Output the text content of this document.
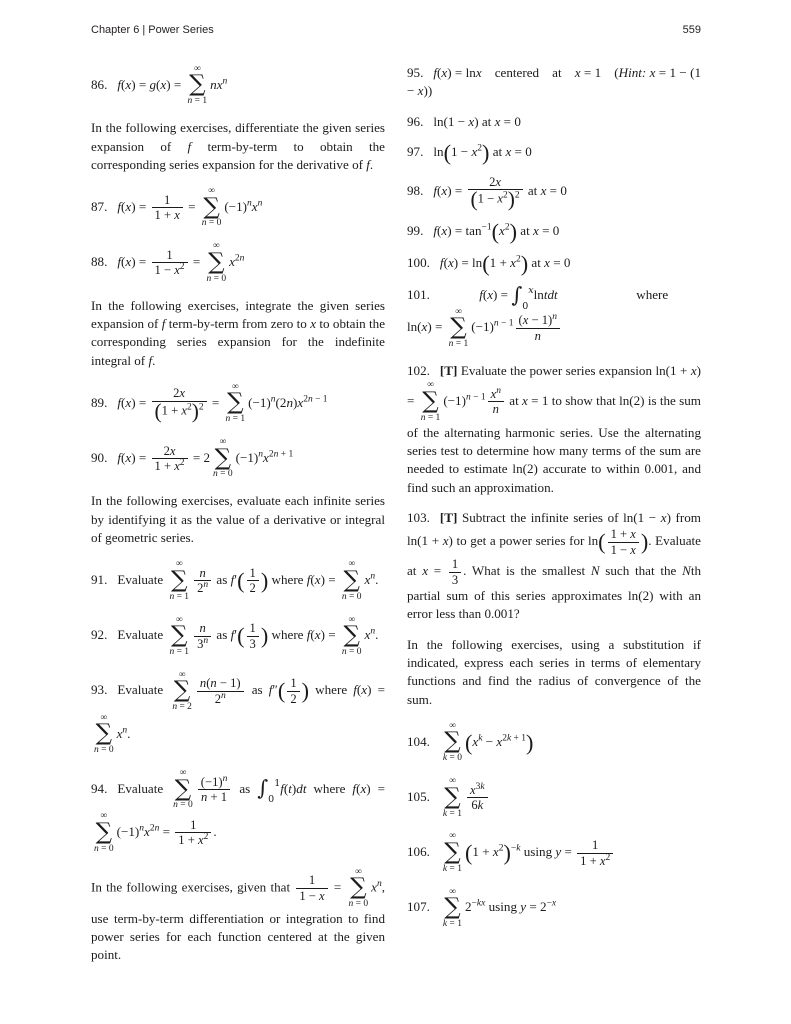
Chapter 6 | Power Series	559

86. f(x) = g(x) =
∞
∑
n = 1
$nx^n$

In the following exercises, differentiate the given series expansion of f term-by-term to obtain the corresponding series expansion for the derivative of f.

87. $f(x) = \frac{1}{1 + x}$ =
∞
∑
n = 0
$(-1)^nx^n$

88. $f(x) = \frac{1}{1 - x^2}$ =
∞
∑
n = 0
$x^{2n}$

In the following exercises, integrate the given series expansion of f term-by-term from zero to x to obtain the corresponding series expansion for the indefinite integral of f.

89. $f(x) = \frac{2x}{(1 + x^2)^2}$ =
∞
∑
n = 1
$(-1)^n(2n)x^{2n - 1}$

90. $f(x) = \frac{2x}{1 + x^2} = 2$
∞
∑
n = 0
$(-1)^nx^{2n + 1}$

In the following exercises, evaluate each infinite series by identifying it as the value of a derivative or integral of geometric series.

91. Evaluate
∞
∑
n = 1
$\frac{n}{2^n}$ as $f'( \frac{1}{2}$ ) where f(x) =
∞
∑
n = 0
$x^n$.

92. Evaluate
∞
∑
n = 1
$\frac{n}{3^n}$ as $f'( \frac{1}{3}$ ) where f(x) =
∞
∑
n = 0
$x^n$.

93. Evaluate
∞
∑
n = 2
$\frac{n(n - 1)}{2^n}$ as $f''( \frac{1}{2}$ ) where f(x) =
∞
∑
n = 0
$x^n$.

94. Evaluate
∞
∑
n = 0
$\frac{(-1)^n}{n + 1}$ as $\int_0^1f(t)dt$ where f(x) =
∞
∑
n = 0
$(-1)^nx^{2n} = \frac{1}{1 + x^2}$ .

In the following exercises, given that $\frac{1}{1 - x}$ =
∞
∑
n = 0
$x^n$, use term-by-term differentiation or integration to find power series for each function centered at the given point.

95. f(x) = lnx centered at x = 1 (Hint: x = 1 − (1 − x))

96. ln(1 − x) at x = 0

97. $\ln(1 - x^2)$ at x = 0

98. $f(x) = \frac{2x}{(1 - x^2)^2}$ at x = 0

99. $f(x) = \tan^{-1}(x^2)$ at x = 0

100. $f(x) = \ln(1 + x^2)$ at x = 0

101.   	$f(x) = \int_0^xlntdt$      where
ln(x) =
∞
∑
n = 1
$(-1)^{n - 1} \frac{(x - 1)^n}{n}$

102. [T] Evaluate the power series expansion ln(1 + x) =
∞
∑
n = 1
$(-1)^{n - 1} \frac{x^n}{n}$ at x = 1 to show that ln(2) is the sum of the alternating harmonic series. Use the alternating series test to determine how many terms of the sum are needed to estimate ln(2) accurate to within 0.001, and find such an approximation.

103. [T] Subtract the infinite series of ln(1 − x) from ln(1 + x) to get a power series for $\ln( \frac{1 + x}{1 - x}$ ). Evaluate at $x = \frac{1}{3}$ . What is the smallest N such that the Nth partial sum of this series approximates ln(2) with an error less than 0.001?

In the following exercises, using a substitution if indicated, express each series in terms of elementary functions and find the radius of convergence of the sum.

104.
∞
∑
k = 0
$(x^k - x^{2k + 1})$

105.
∞
∑
k = 1
$\frac{x^{3k}}{6k}$

106.
∞
∑
k = 1
$(1 + x^2)^{-k}$ using $y = \frac{1}{1 + x^2}$

107.
∞
∑
k = 1
$2^{-kx}$ using $y = 2^{-x}$
